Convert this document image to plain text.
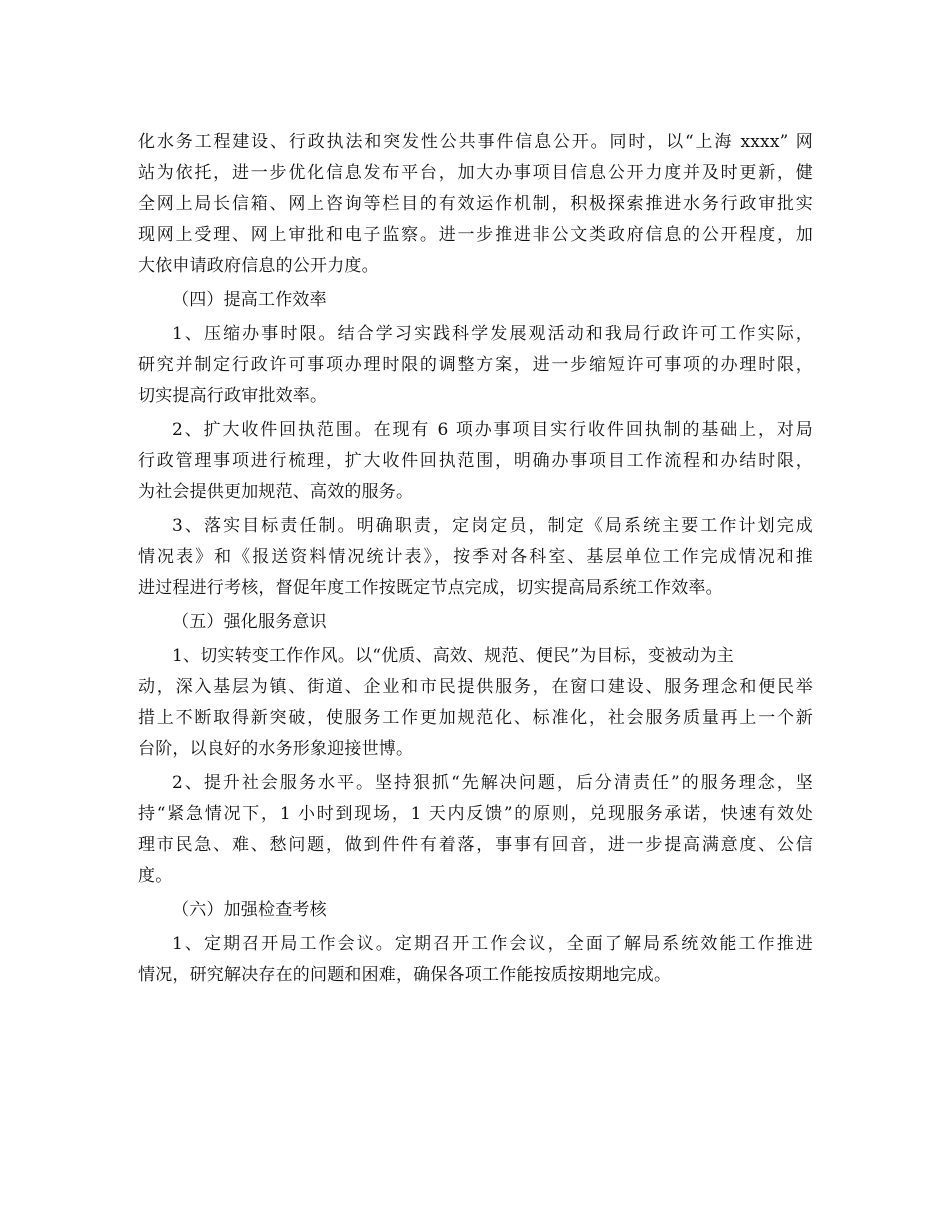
化水务工程建设、行政执法和突发性公共事件信息公开。同时，以“上海 xxxx” 网
站为依托，进一步优化信息发布平台，加大办事项目信息公开力度并及时更新，健
全网上局长信箱、网上咨询等栏目的有效运作机制，积极探索推进水务行政审批实
现网上受理、网上审批和电子监察。进一步推进非公文类政府信息的公开程度，加
大依申请政府信息的公开力度。
（四）提高工作效率
1、压缩办事时限。结合学习实践科学发展观活动和我局行政许可工作实际，
研究并制定行政许可事项办理时限的调整方案，进一步缩短许可事项的办理时限，
切实提高行政审批效率。
2、扩大收件回执范围。在现有 6 项办事项目实行收件回执制的基础上，对局
行政管理事项进行梳理，扩大收件回执范围，明确办事项目工作流程和办结时限，
为社会提供更加规范、高效的服务。
3、落实目标责任制。明确职责，定岗定员，制定《局系统主要工作计划完成
情况表》和《报送资料情况统计表》，按季对各科室、基层单位工作完成情况和推
进过程进行考核，督促年度工作按既定节点完成，切实提高局系统工作效率。
（五）强化服务意识
1、切实转变工作作风。以“优质、高效、规范、便民”为目标，变被动为主
动，深入基层为镇、街道、企业和市民提供服务，在窗口建设、服务理念和便民举
措上不断取得新突破，使服务工作更加规范化、标准化，社会服务质量再上一个新
台阶，以良好的水务形象迎接世博。
2、提升社会服务水平。坚持狠抓“先解决问题，后分清责任”的服务理念，坚
持“紧急情况下，1 小时到现场，1 天内反馈”的原则，兑现服务承诺，快速有效处
理市民急、难、愁问题，做到件件有着落，事事有回音，进一步提高满意度、公信
度。
（六）加强检查考核
1、定期召开局工作会议。定期召开工作会议，全面了解局系统效能工作推进
情况，研究解决存在的问题和困难，确保各项工作能按质按期地完成。
